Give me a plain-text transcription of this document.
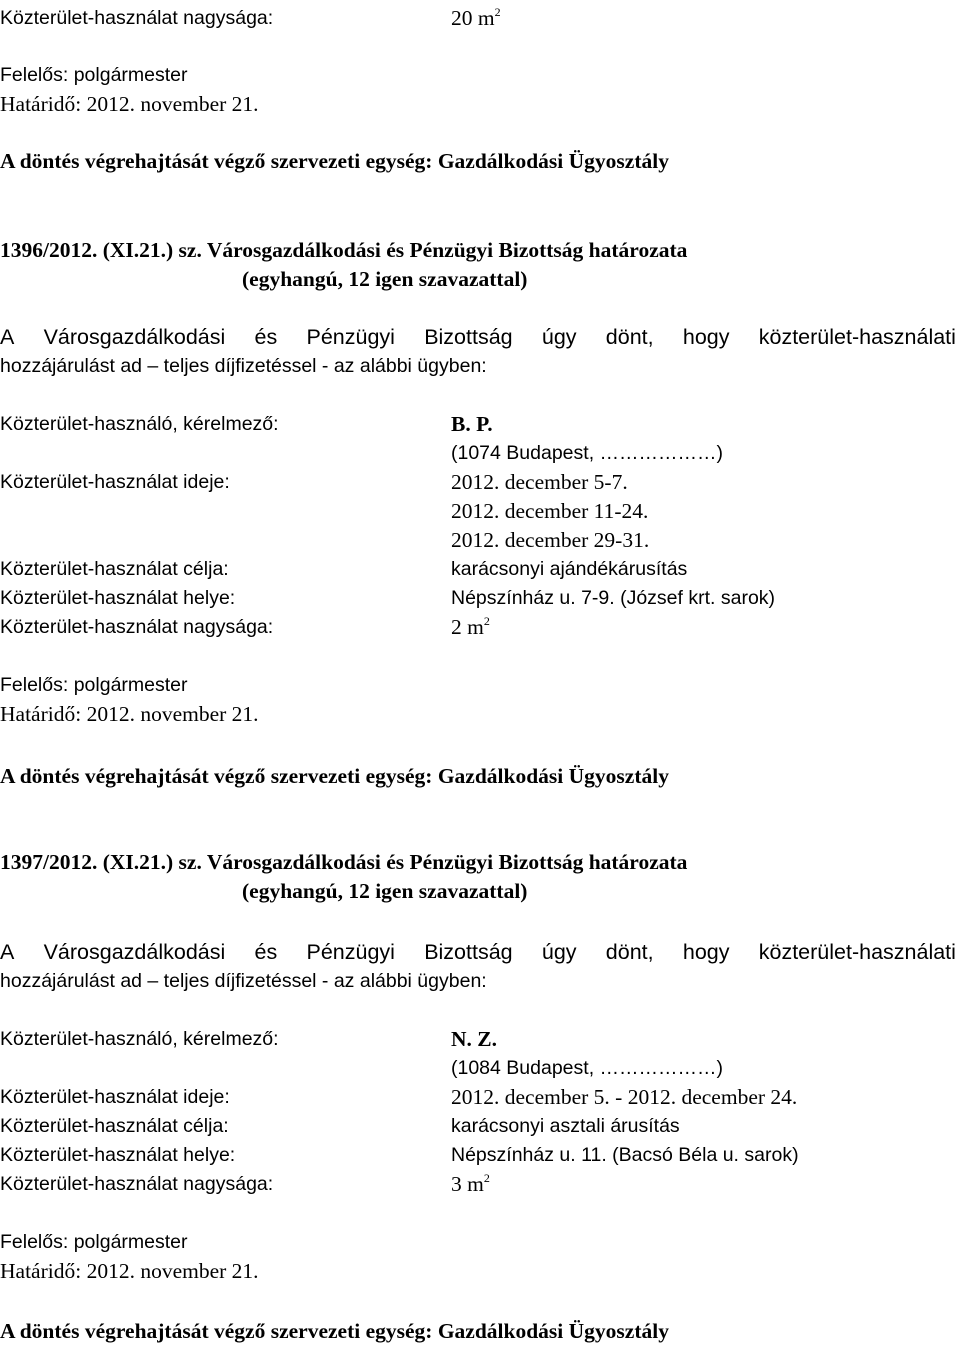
Közterület-használat nagysága:	20 $m^2$
Felelős: polgármester
Határidő: 2012. november 21.
A döntés végrehajtását végző szervezeti egység: Gazdálkodási Ügyosztály
1396/2012. (XI.21.) sz. Városgazdálkodási és Pénzügyi Bizottság határozata
(egyhangú, 12 igen szavazattal)
A Városgazdálkodási és Pénzügyi Bizottság úgy dönt, hogy közterület-használati
hozzájárulást ad – teljes díjfizetéssel - az alábbi ügyben:
Közterület-használó, kérelmező:	B. P.
(1074 Budapest, ………………)
Közterület-használat ideje:	2012. december 5-7.
2012. december 11-24.
2012. december 29-31.
Közterület-használat célja:	karácsonyi ajándékárusítás
Közterület-használat helye:	Népszínház u. 7-9. (József krt. sarok)
Közterület-használat nagysága:	2 $m^2$
Felelős: polgármester
Határidő: 2012. november 21.
A döntés végrehajtását végző szervezeti egység: Gazdálkodási Ügyosztály
1397/2012. (XI.21.) sz. Városgazdálkodási és Pénzügyi Bizottság határozata
(egyhangú, 12 igen szavazattal)
A Városgazdálkodási és Pénzügyi Bizottság úgy dönt, hogy közterület-használati
hozzájárulást ad – teljes díjfizetéssel - az alábbi ügyben:
Közterület-használó, kérelmező:	N. Z.
(1084 Budapest, ………………)
Közterület-használat ideje:	2012. december 5. - 2012. december 24.
Közterület-használat célja:	karácsonyi asztali árusítás
Közterület-használat helye:	Népszínház u. 11. (Bacsó Béla u. sarok)
Közterület-használat nagysága:	3 $m^2$
Felelős: polgármester
Határidő: 2012. november 21.
A döntés végrehajtását végző szervezeti egység: Gazdálkodási Ügyosztály
